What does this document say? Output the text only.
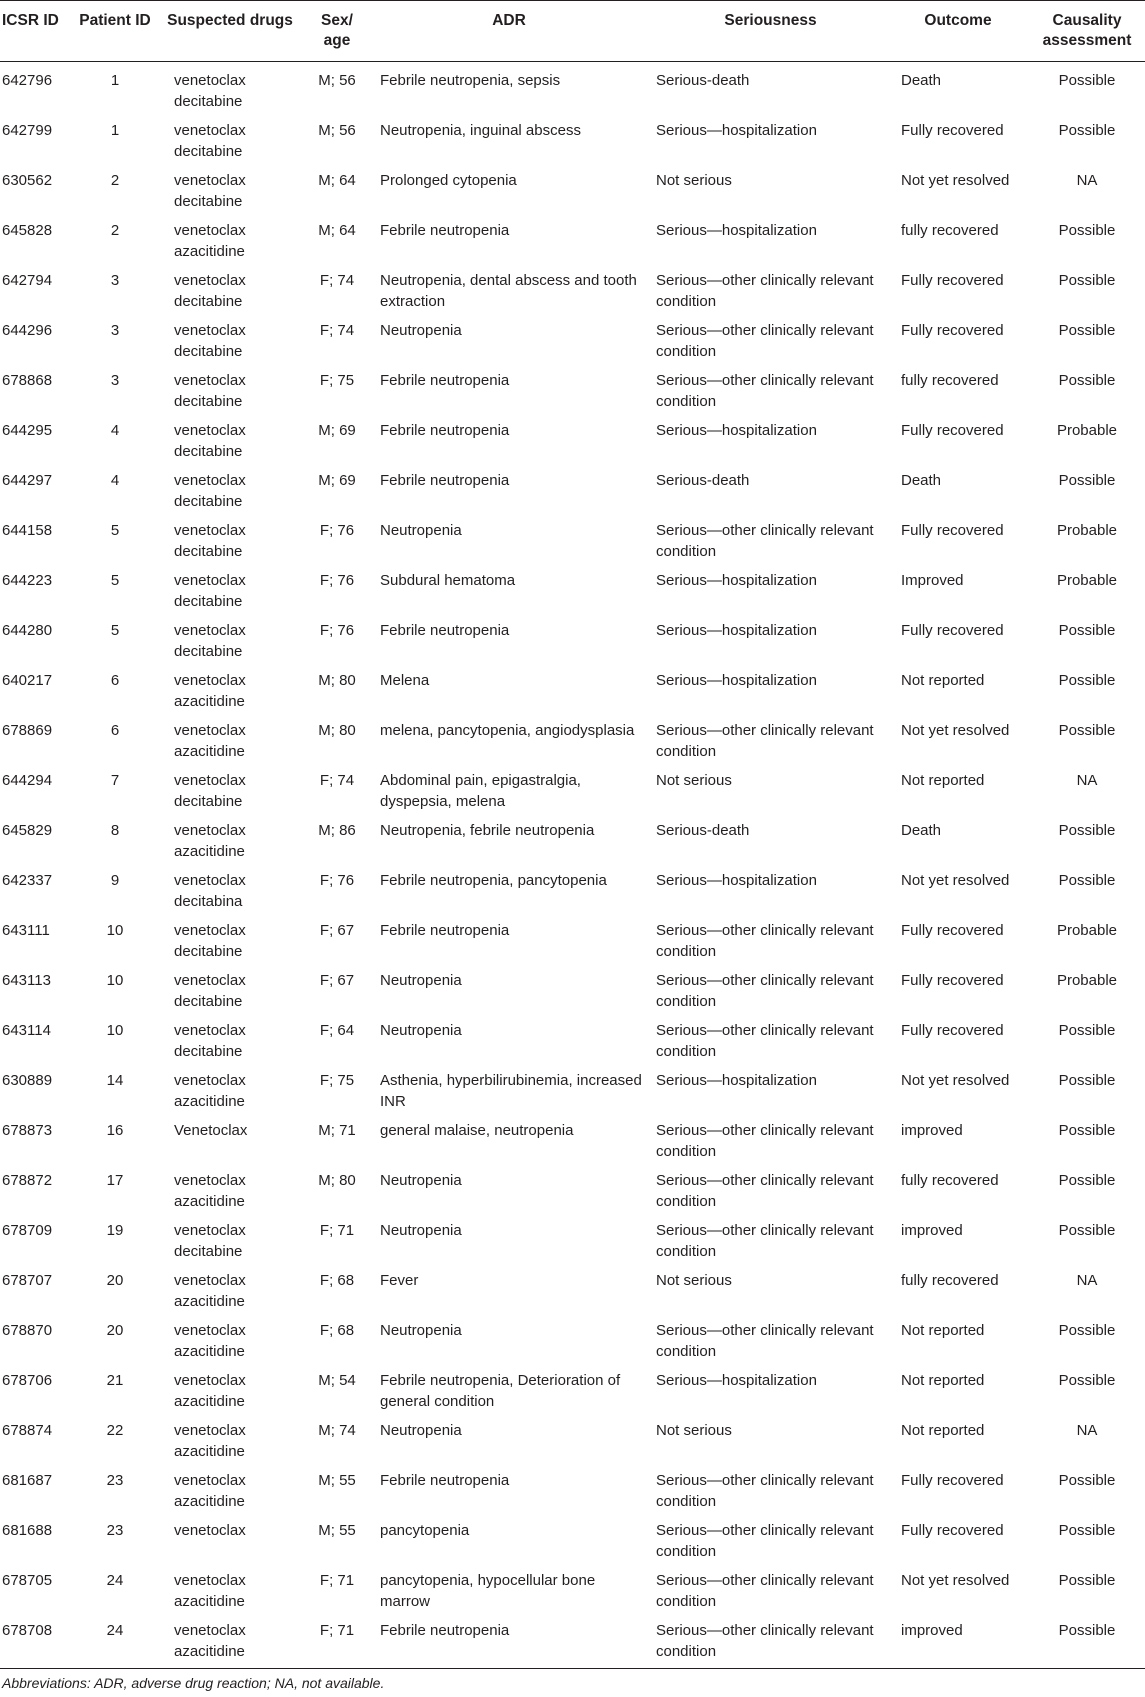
ICSR ID	Patient ID	Suspected drugs	Sex/ age	ADR	Seriousness	Outcome	Causality assessment
642796	1	venetoclax decitabine	M; 56	Febrile neutropenia, sepsis	Serious-death	Death	Possible
642799	1	venetoclax decitabine	M; 56	Neutropenia, inguinal abscess	Serious—hospitalization	Fully recovered	Possible
630562	2	venetoclax decitabine	M; 64	Prolonged cytopenia	Not serious	Not yet resolved	NA
645828	2	venetoclax azacitidine	M; 64	Febrile neutropenia	Serious—hospitalization	fully recovered	Possible
642794	3	venetoclax decitabine	F; 74	Neutropenia, dental abscess and tooth extraction	Serious—other clinically relevant condition	Fully recovered	Possible
644296	3	venetoclax decitabine	F; 74	Neutropenia	Serious—other clinically relevant condition	Fully recovered	Possible
678868	3	venetoclax decitabine	F; 75	Febrile neutropenia	Serious—other clinically relevant condition	fully recovered	Possible
644295	4	venetoclax decitabine	M; 69	Febrile neutropenia	Serious—hospitalization	Fully recovered	Probable
644297	4	venetoclax decitabine	M; 69	Febrile neutropenia	Serious-death	Death	Possible
644158	5	venetoclax decitabine	F; 76	Neutropenia	Serious—other clinically relevant condition	Fully recovered	Probable
644223	5	venetoclax decitabine	F; 76	Subdural hematoma	Serious—hospitalization	Improved	Probable
644280	5	venetoclax decitabine	F; 76	Febrile neutropenia	Serious—hospitalization	Fully recovered	Possible
640217	6	venetoclax azacitidine	M; 80	Melena	Serious—hospitalization	Not reported	Possible
678869	6	venetoclax azacitidine	M; 80	melena, pancytopenia, angiodysplasia	Serious—other clinically relevant condition	Not yet resolved	Possible
644294	7	venetoclax decitabine	F; 74	Abdominal pain, epigastralgia, dyspepsia, melena	Not serious	Not reported	NA
645829	8	venetoclax azacitidine	M; 86	Neutropenia, febrile neutropenia	Serious-death	Death	Possible
642337	9	venetoclax decitabina	F; 76	Febrile neutropenia, pancytopenia	Serious—hospitalization	Not yet resolved	Possible
643111	10	venetoclax decitabine	F; 67	Febrile neutropenia	Serious—other clinically relevant condition	Fully recovered	Probable
643113	10	venetoclax decitabine	F; 67	Neutropenia	Serious—other clinically relevant condition	Fully recovered	Probable
643114	10	venetoclax decitabine	F; 64	Neutropenia	Serious—other clinically relevant condition	Fully recovered	Possible
630889	14	venetoclax azacitidine	F; 75	Asthenia, hyperbilirubinemia, increased INR	Serious—hospitalization	Not yet resolved	Possible
678873	16	Venetoclax	M; 71	general malaise, neutropenia	Serious—other clinically relevant condition	improved	Possible
678872	17	venetoclax azacitidine	M; 80	Neutropenia	Serious—other clinically relevant condition	fully recovered	Possible
678709	19	venetoclax decitabine	F; 71	Neutropenia	Serious—other clinically relevant condition	improved	Possible
678707	20	venetoclax azacitidine	F; 68	Fever	Not serious	fully recovered	NA
678870	20	venetoclax azacitidine	F; 68	Neutropenia	Serious—other clinically relevant condition	Not reported	Possible
678706	21	venetoclax azacitidine	M; 54	Febrile neutropenia, Deterioration of general condition	Serious—hospitalization	Not reported	Possible
678874	22	venetoclax azacitidine	M; 74	Neutropenia	Not serious	Not reported	NA
681687	23	venetoclax azacitidine	M; 55	Febrile neutropenia	Serious—other clinically relevant condition	Fully recovered	Possible
681688	23	venetoclax	M; 55	pancytopenia	Serious—other clinically relevant condition	Fully recovered	Possible
678705	24	venetoclax azacitidine	F; 71	pancytopenia, hypocellular bone marrow	Serious—other clinically relevant condition	Not yet resolved	Possible
678708	24	venetoclax azacitidine	F; 71	Febrile neutropenia	Serious—other clinically relevant condition	improved	Possible
Abbreviations: ADR, adverse drug reaction; NA, not available.
